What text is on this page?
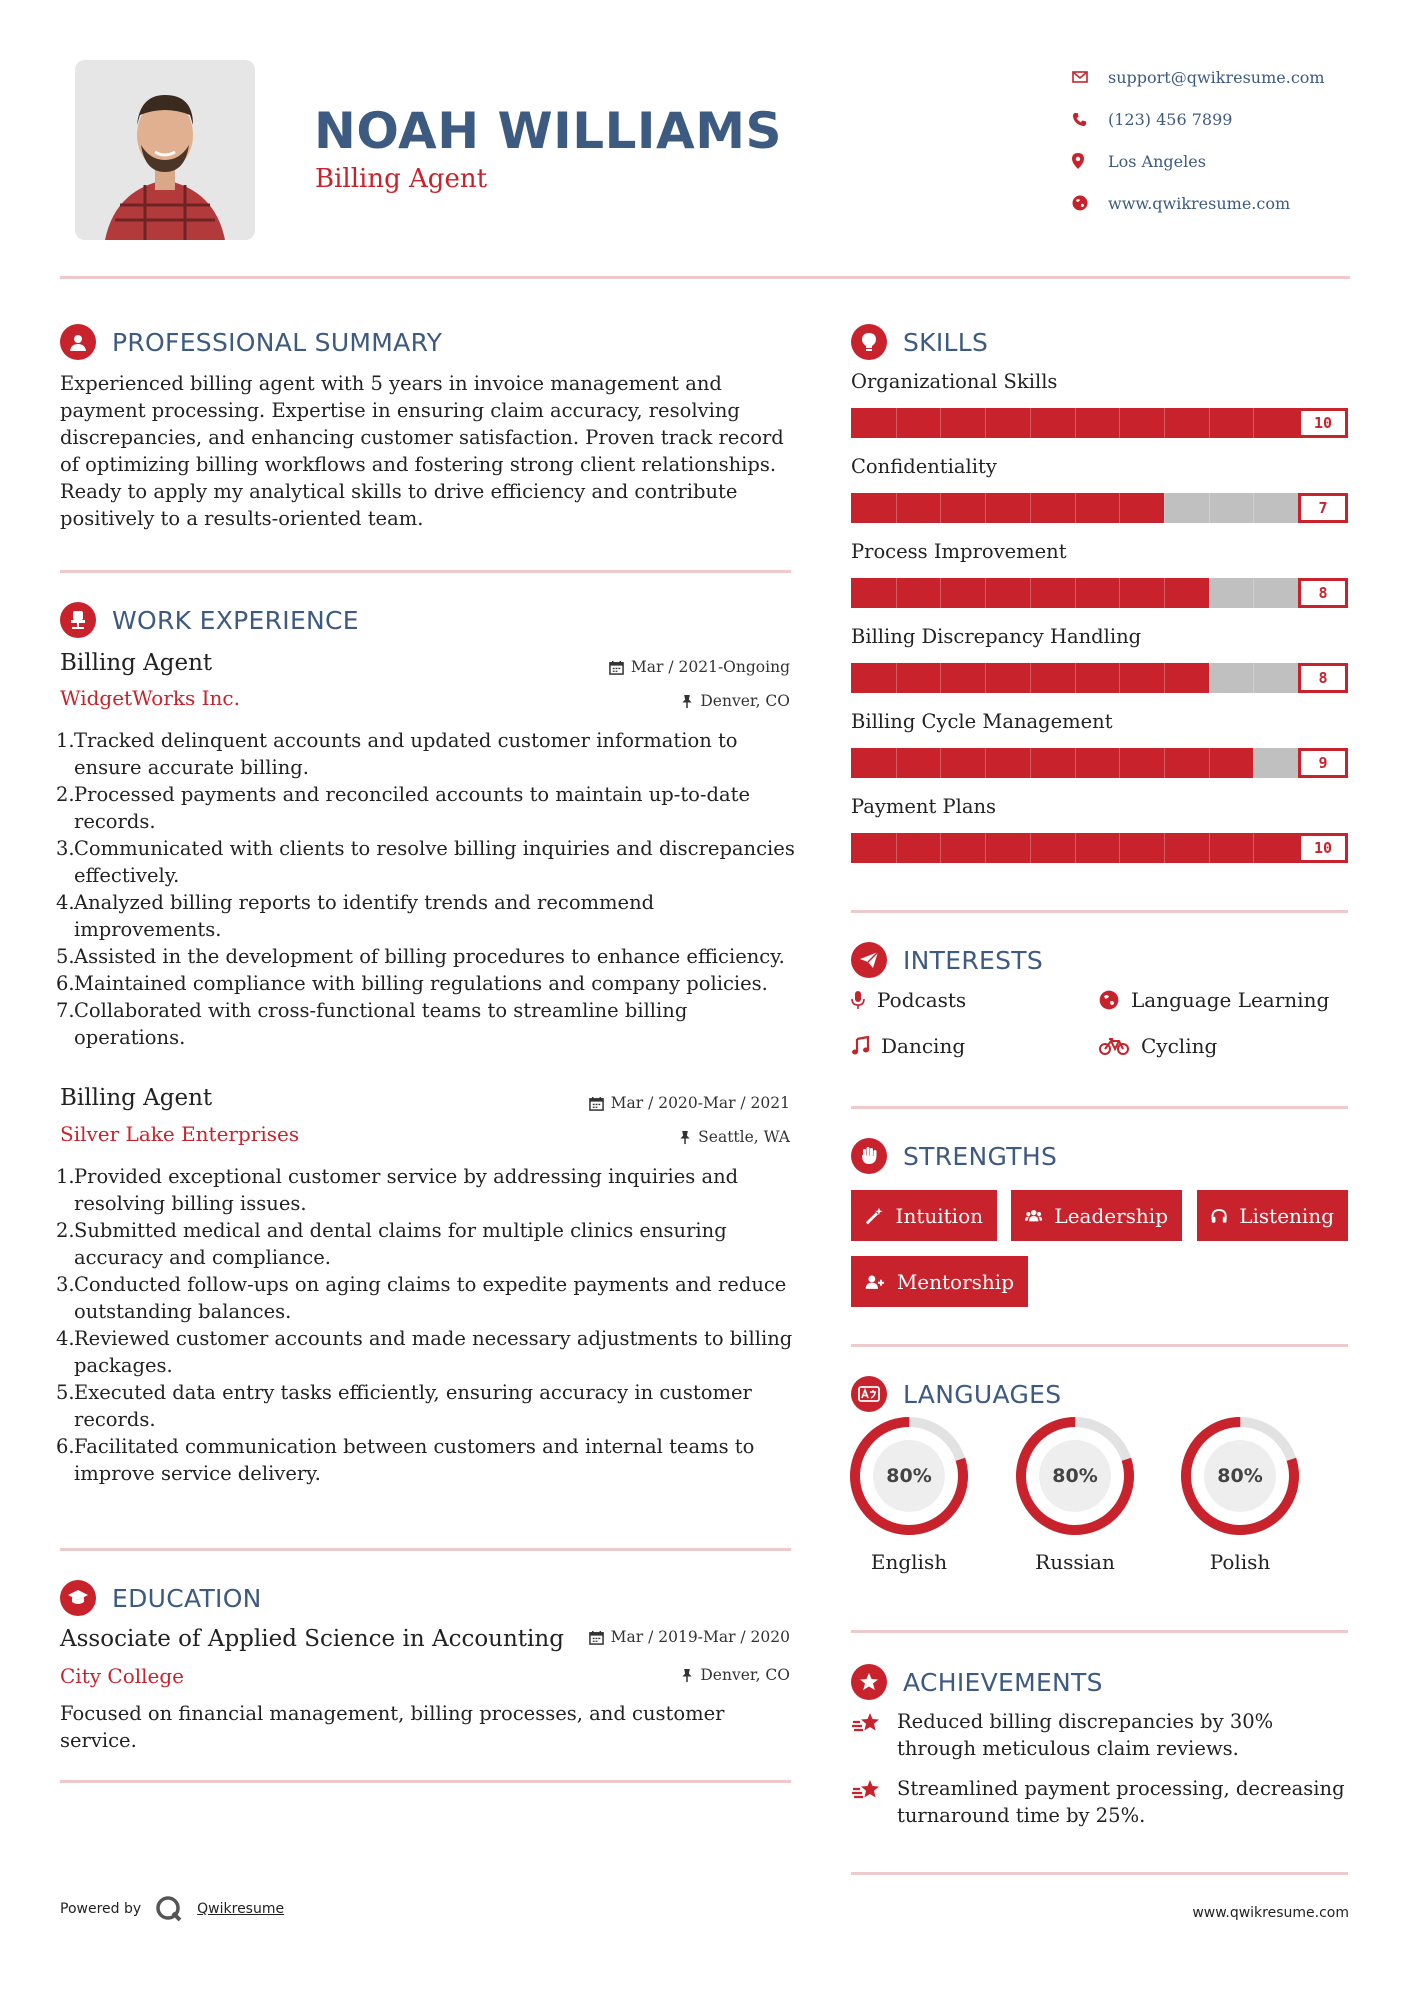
NOAH WILLIAMS
Billing Agent
support@qwikresume.com
(123) 456 7899
Los Angeles
www.qwikresume.com
PROFESSIONAL SUMMARY
Experienced billing agent with 5 years in invoice management and payment processing. Expertise in ensuring claim accuracy, resolving discrepancies, and enhancing customer satisfaction. Proven track record of optimizing billing workflows and fostering strong client relationships. Ready to apply my analytical skills to drive efficiency and contribute positively to a results-oriented team.
WORK EXPERIENCE
Billing Agent	Mar / 2021-Ongoing
WidgetWorks Inc.	Denver, CO
1. Tracked delinquent accounts and updated customer information to ensure accurate billing.
2. Processed payments and reconciled accounts to maintain up-to-date records.
3. Communicated with clients to resolve billing inquiries and discrepancies effectively.
4. Analyzed billing reports to identify trends and recommend improvements.
5. Assisted in the development of billing procedures to enhance efficiency.
6. Maintained compliance with billing regulations and company policies.
7. Collaborated with cross-functional teams to streamline billing operations.
Billing Agent	Mar / 2020-Mar / 2021
Silver Lake Enterprises	Seattle, WA
1. Provided exceptional customer service by addressing inquiries and resolving billing issues.
2. Submitted medical and dental claims for multiple clinics ensuring accuracy and compliance.
3. Conducted follow-ups on aging claims to expedite payments and reduce outstanding balances.
4. Reviewed customer accounts and made necessary adjustments to billing packages.
5. Executed data entry tasks efficiently, ensuring accuracy in customer records.
6. Facilitated communication between customers and internal teams to improve service delivery.
EDUCATION
Associate of Applied Science in Accounting	Mar / 2019-Mar / 2020
City College	Denver, CO
Focused on financial management, billing processes, and customer service.
SKILLS
Organizational Skills
10
Confidentiality
7
Process Improvement
8
Billing Discrepancy Handling
8
Billing Cycle Management
9
Payment Plans
10
INTERESTS
Podcasts	Language Learning
Dancing	Cycling
STRENGTHS
Intuition	Leadership	Listening
Mentorship
LANGUAGES
80%
English
80%
Russian
80%
Polish
ACHIEVEMENTS
Reduced billing discrepancies by 30% through meticulous claim reviews.
Streamlined payment processing, decreasing turnaround time by 25%.
Powered by	Qwikresume	www.qwikresume.com
